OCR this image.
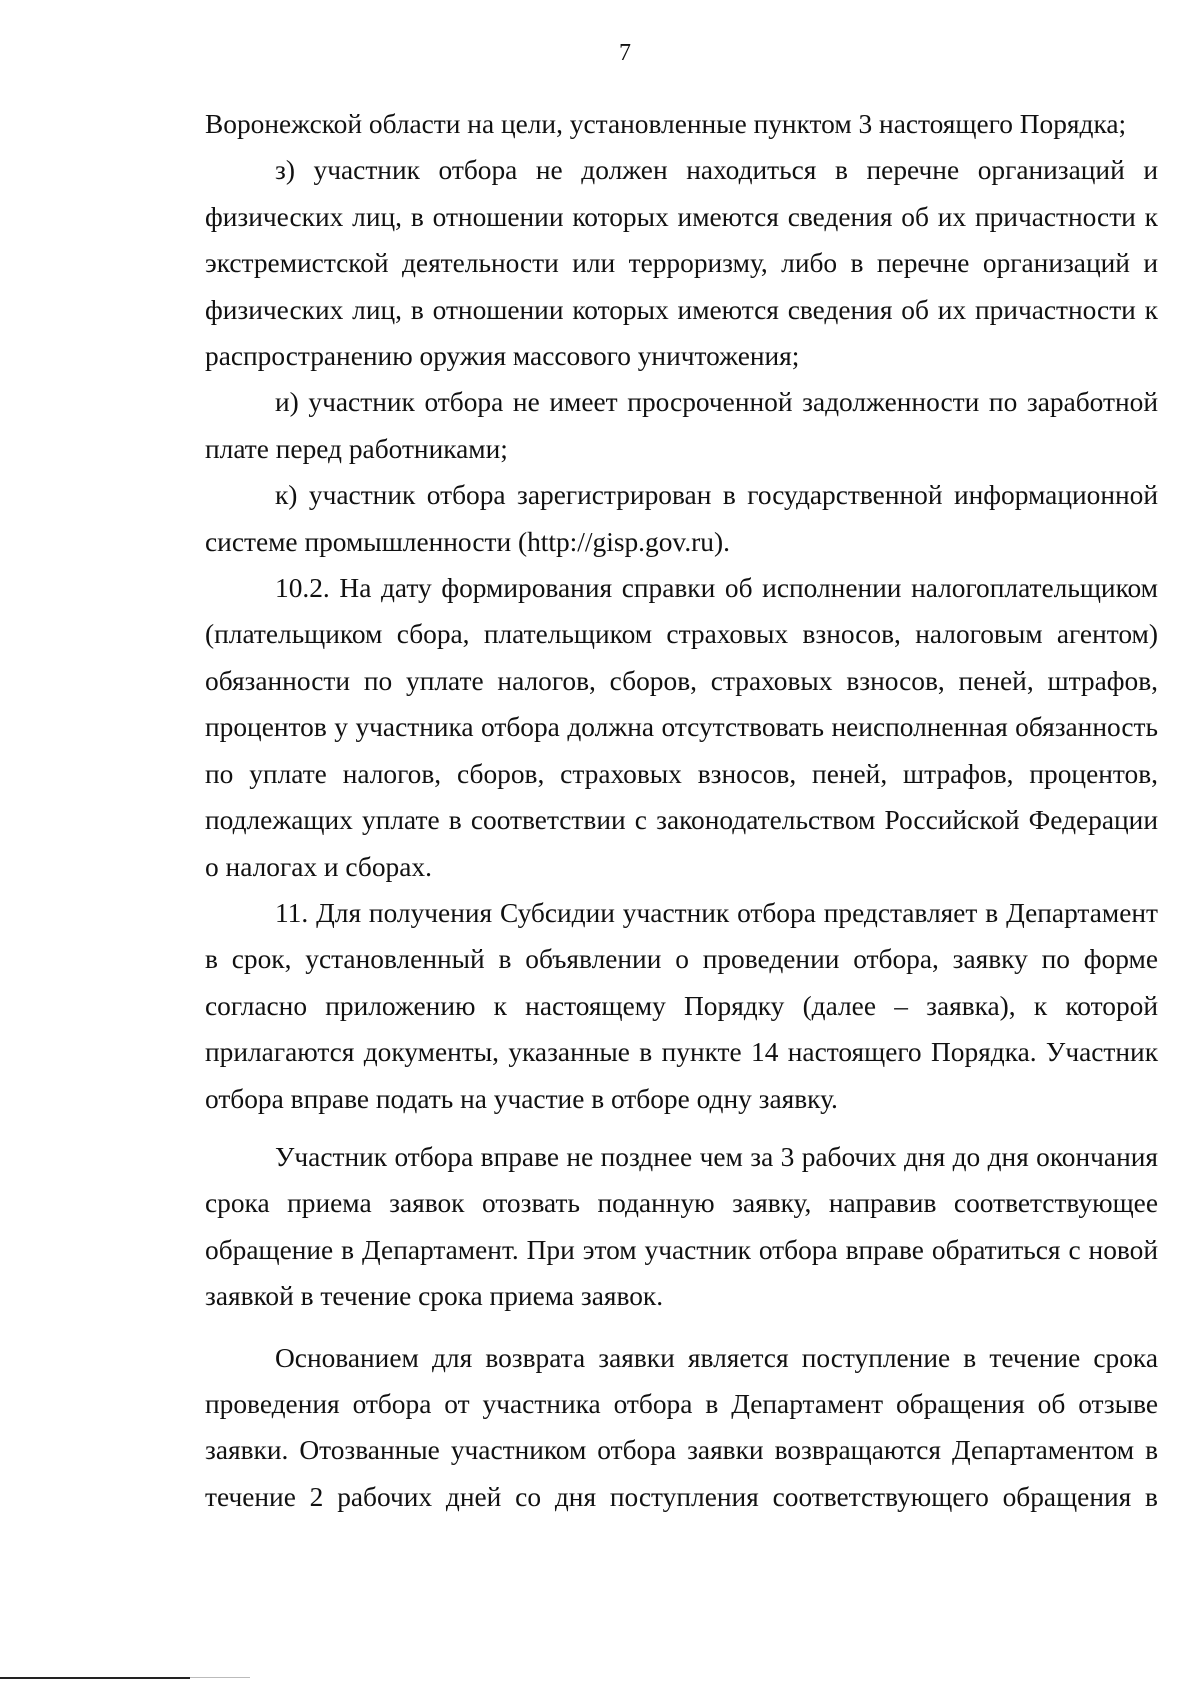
7

Воронежской области на цели, установленные пунктом 3 настоящего Порядка;

з) участник отбора не должен находиться в перечне организаций и физических лиц, в отношении которых имеются сведения об их причастности к экстремистской деятельности или терроризму, либо в перечне организаций и физических лиц, в отношении которых имеются сведения об их причастности к распространению оружия массового уничтожения;

и) участник отбора не имеет просроченной задолженности по заработной плате перед работниками;

к) участник отбора зарегистрирован в государственной информационной системе промышленности (http://gisp.gov.ru).

10.2. На дату формирования справки об исполнении налогоплательщиком (плательщиком сбора, плательщиком страховых взносов, налоговым агентом) обязанности по уплате налогов, сборов, страховых взносов, пеней, штрафов, процентов у участника отбора должна отсутствовать неисполненная обязанность по уплате налогов, сборов, страховых взносов, пеней, штрафов, процентов, подлежащих уплате в соответствии с законодательством Российской Федерации о налогах и сборах.

11. Для получения Субсидии участник отбора представляет в Департамент в срок, установленный в объявлении о проведении отбора, заявку по форме согласно приложению к настоящему Порядку (далее – заявка), к которой прилагаются документы, указанные в пункте 14 настоящего Порядка. Участник отбора вправе подать на участие в отборе одну заявку.

Участник отбора вправе не позднее чем за 3 рабочих дня до дня окончания срока приема заявок отозвать поданную заявку, направив соответствующее обращение в Департамент. При этом участник отбора вправе обратиться с новой заявкой в течение срока приема заявок.

Основанием для возврата заявки является поступление в течение срока проведения отбора от участника отбора в Департамент обращения об отзыве заявки. Отозванные участником отбора заявки возвращаются Департаментом в течение 2 рабочих дней со дня поступления соответствующего обращения в
